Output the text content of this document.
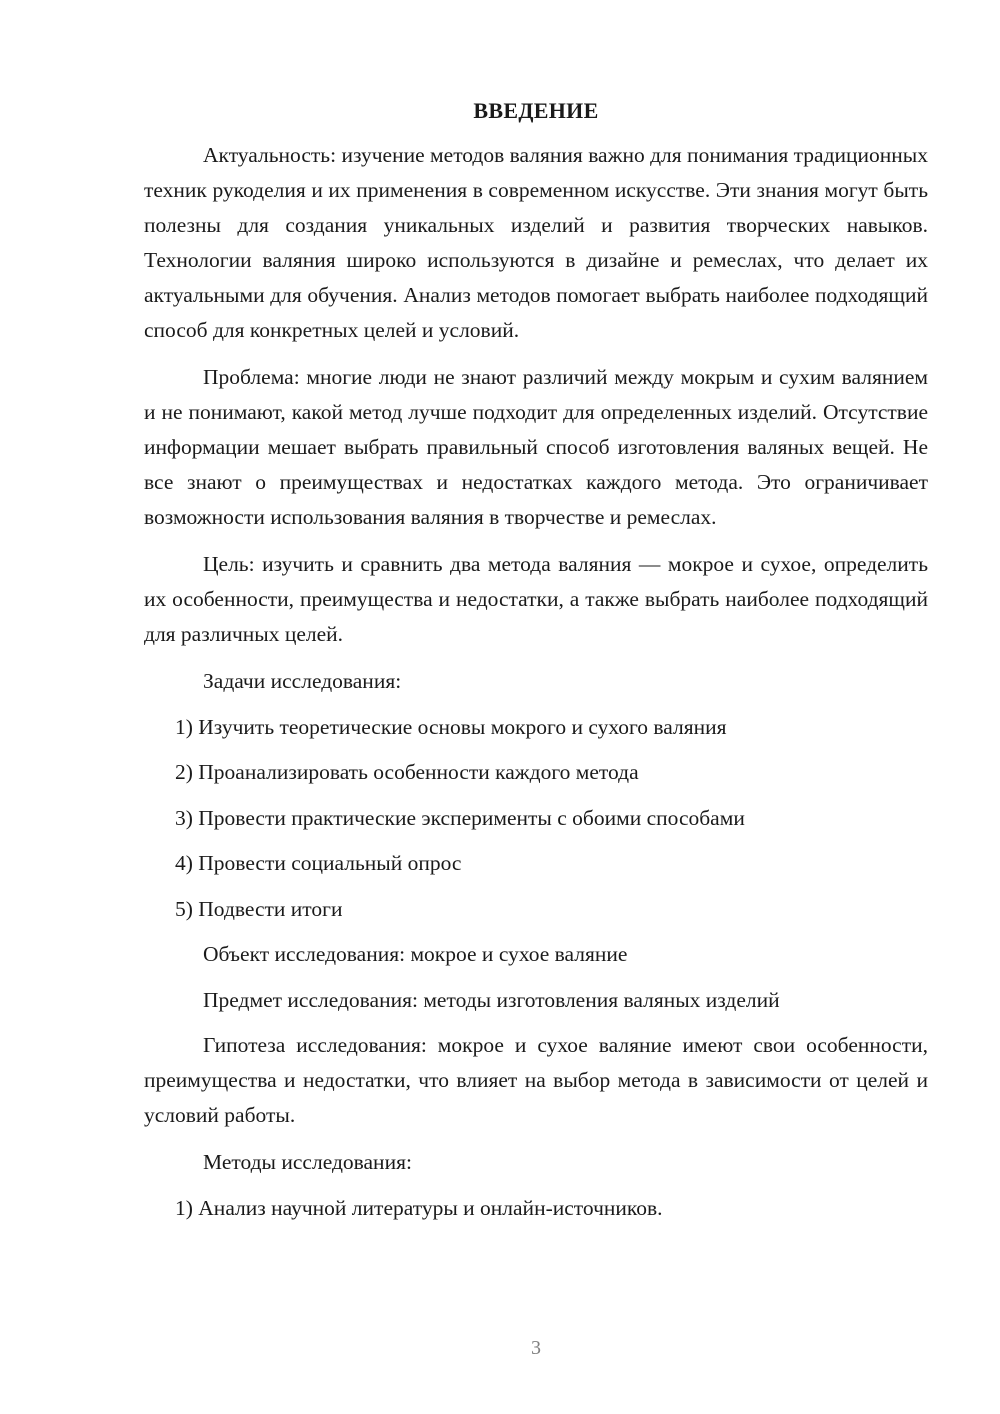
ВВЕДЕНИЕ

Актуальность: изучение методов валяния важно для понимания традиционных техник рукоделия и их применения в современном искусстве. Эти знания могут быть полезны для создания уникальных изделий и развития творческих навыков. Технологии валяния широко используются в дизайне и ремеслах, что делает их актуальными для обучения. Анализ методов помогает выбрать наиболее подходящий способ для конкретных целей и условий.

Проблема: многие люди не знают различий между мокрым и сухим валянием и не понимают, какой метод лучше подходит для определенных изделий. Отсутствие информации мешает выбрать правильный способ изготовления валяных вещей. Не все знают о преимуществах и недостатках каждого метода. Это ограничивает возможности использования валяния в творчестве и ремеслах.

Цель: изучить и сравнить два метода валяния — мокрое и сухое, определить их особенности, преимущества и недостатки, а также выбрать наиболее подходящий для различных целей.

Задачи исследования:
1) Изучить теоретические основы мокрого и сухого валяния
2) Проанализировать особенности каждого метода
3) Провести практические эксперименты с обоими способами
4) Провести социальный опрос
5) Подвести итоги
Объект исследования: мокрое и сухое валяние
Предмет исследования: методы изготовления валяных изделий

Гипотеза исследования: мокрое и сухое валяние имеют свои особенности, преимущества и недостатки, что влияет на выбор метода в зависимости от целей и условий работы.

Методы исследования:
1) Анализ научной литературы и онлайн-источников.
3
